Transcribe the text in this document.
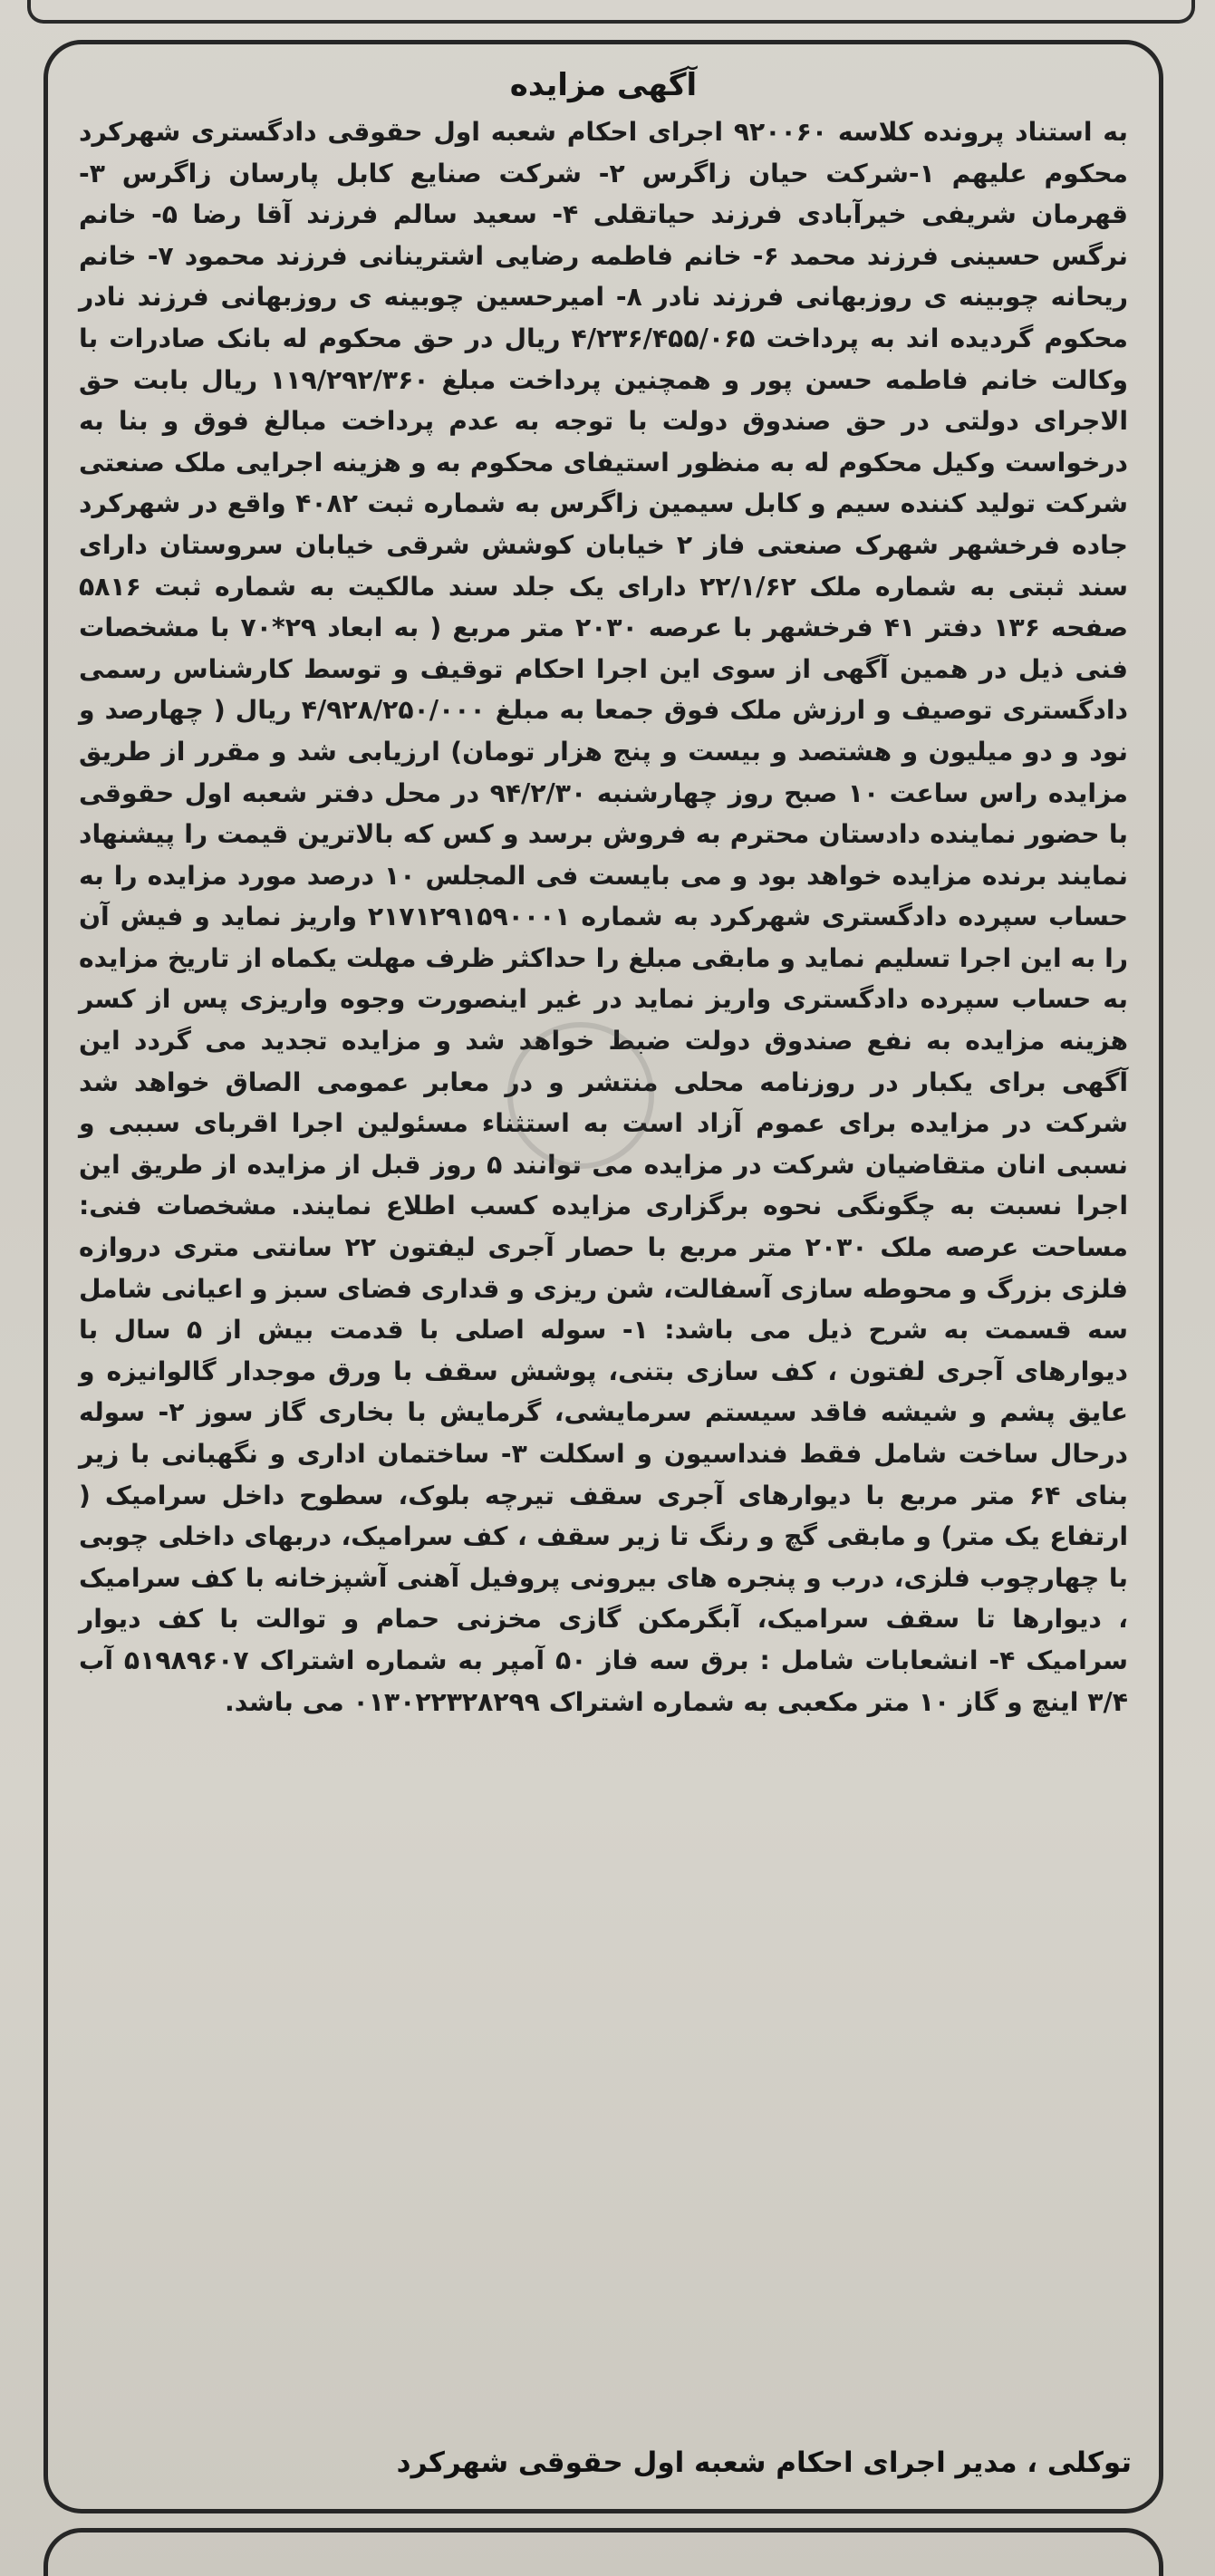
آگهی مزایده

به استناد پرونده کلاسه ۹۲۰۰۶۰ اجرای احکام شعبه اول حقوقی دادگستری شهرکرد محکوم علیهم ۱-شرکت حیان زاگرس ۲- شرکت صنایع کابل پارسان زاگرس ۳- قهرمان شریفی خیرآبادی فرزند حیاتقلی ۴- سعید سالم فرزند آقا رضا ۵- خانم نرگس حسینی فرزند محمد ۶- خانم فاطمه رضایی اشترینانی فرزند محمود ۷- خانم ریحانه چوبینه ی روزبهانی فرزند نادر ۸- امیرحسین چوبینه ی روزبهانی فرزند نادر محکوم گردیده اند به پرداخت ۴/۲۳۶/۴۵۵/۰۶۵ ریال در حق محکوم له بانک صادرات با وکالت خانم فاطمه حسن پور و همچنین پرداخت مبلغ ۱۱۹/۲۹۲/۳۶۰ ریال بابت حق الاجرای دولتی در حق صندوق دولت با توجه به عدم پرداخت مبالغ فوق و بنا به درخواست وکیل محکوم له به منظور استیفای محکوم به و هزینه اجرایی ملک صنعتی شرکت تولید کننده سیم و کابل سیمین زاگرس به شماره ثبت ۴۰۸۲ واقع در شهرکرد جاده فرخشهر شهرک صنعتی فاز ۲ خیابان کوشش شرقی خیابان سروستان دارای سند ثبتی به شماره ملک ۲۲/۱/۶۲ دارای یک جلد سند مالکیت به شماره ثبت ۵۸۱۶ صفحه ۱۳۶ دفتر ۴۱ فرخشهر با عرصه ۲۰۳۰ متر مربع ( به ابعاد ۲۹*۷۰ با مشخصات فنی ذیل در همین آگهی از سوی این اجرا احکام توقیف و توسط کارشناس رسمی دادگستری توصیف و ارزش ملک فوق جمعا به مبلغ ۴/۹۲۸/۲۵۰/۰۰۰ ریال ( چهارصد و نود و دو میلیون و هشتصد و بیست و پنج هزار تومان) ارزیابی شد و مقرر از طریق مزایده راس ساعت ۱۰ صبح روز چهارشنبه ۹۴/۲/۳۰ در محل دفتر شعبه اول حقوقی با حضور نماینده دادستان محترم به فروش برسد و کس که بالاترین قیمت را پیشنهاد نمایند برنده مزایده خواهد بود و می بایست فی المجلس ۱۰ درصد مورد مزایده را به حساب سپرده دادگستری شهرکرد به شماره ۲۱۷۱۲۹۱۵۹۰۰۰۱ واریز نماید و فیش آن را به این اجرا تسلیم نماید و مابقی مبلغ را حداکثر ظرف مهلت یکماه از تاریخ مزایده به حساب سپرده دادگستری واریز نماید در غیر اینصورت وجوه واریزی پس از کسر هزینه مزایده به نفع صندوق دولت ضبط خواهد شد و مزایده تجدید می گردد این آگهی برای یکبار در روزنامه محلی منتشر و در معابر عمومی الصاق خواهد شد شرکت در مزایده برای عموم آزاد است به استثناء مسئولین اجرا اقربای سببی و نسبی انان متقاضیان شرکت در مزایده می توانند ۵ روز قبل از مزایده از طریق این اجرا نسبت به چگونگی نحوه برگزاری مزایده کسب اطلاع نمایند. مشخصات فنی: مساحت عرصه ملک ۲۰۳۰ متر مربع با حصار آجری لیفتون ۲۲ سانتی متری دروازه فلزی بزرگ و محوطه سازی آسفالت، شن ریزی و قداری فضای سبز و اعیانی شامل سه قسمت به شرح ذیل می باشد: ۱- سوله اصلی با قدمت بیش از ۵ سال با دیوارهای آجری لفتون ، کف سازی بتنی، پوشش سقف با ورق موجدار گالوانیزه و عایق پشم و شیشه فاقد سیستم سرمایشی، گرمایش با بخاری گاز سوز ۲- سوله درحال ساخت شامل فقط فنداسیون و اسکلت ۳- ساختمان اداری و نگهبانی با زیر بنای ۶۴ متر مربع با دیوارهای آجری سقف تیرچه بلوک، سطوح داخل سرامیک ( ارتفاع یک متر) و مابقی گچ و رنگ تا زیر سقف ، کف سرامیک، دربهای داخلی چوبی با چهارچوب فلزی، درب و پنجره های بیرونی پروفیل آهنی آشپزخانه با کف سرامیک ، دیوارها تا سقف سرامیک، آبگرمکن گازی مخزنی حمام و توالت با کف دیوار سرامیک ۴- انشعابات شامل : برق سه فاز ۵۰ آمپر به شماره اشتراک ۵۱۹۸۹۶۰۷ آب ۳/۴ اینچ و گاز ۱۰ متر مکعبی به شماره اشتراک ۰۱۳۰۲۲۳۲۸۲۹۹ می باشد.

توکلی ، مدیر اجرای احکام شعبه اول حقوقی شهرکرد
